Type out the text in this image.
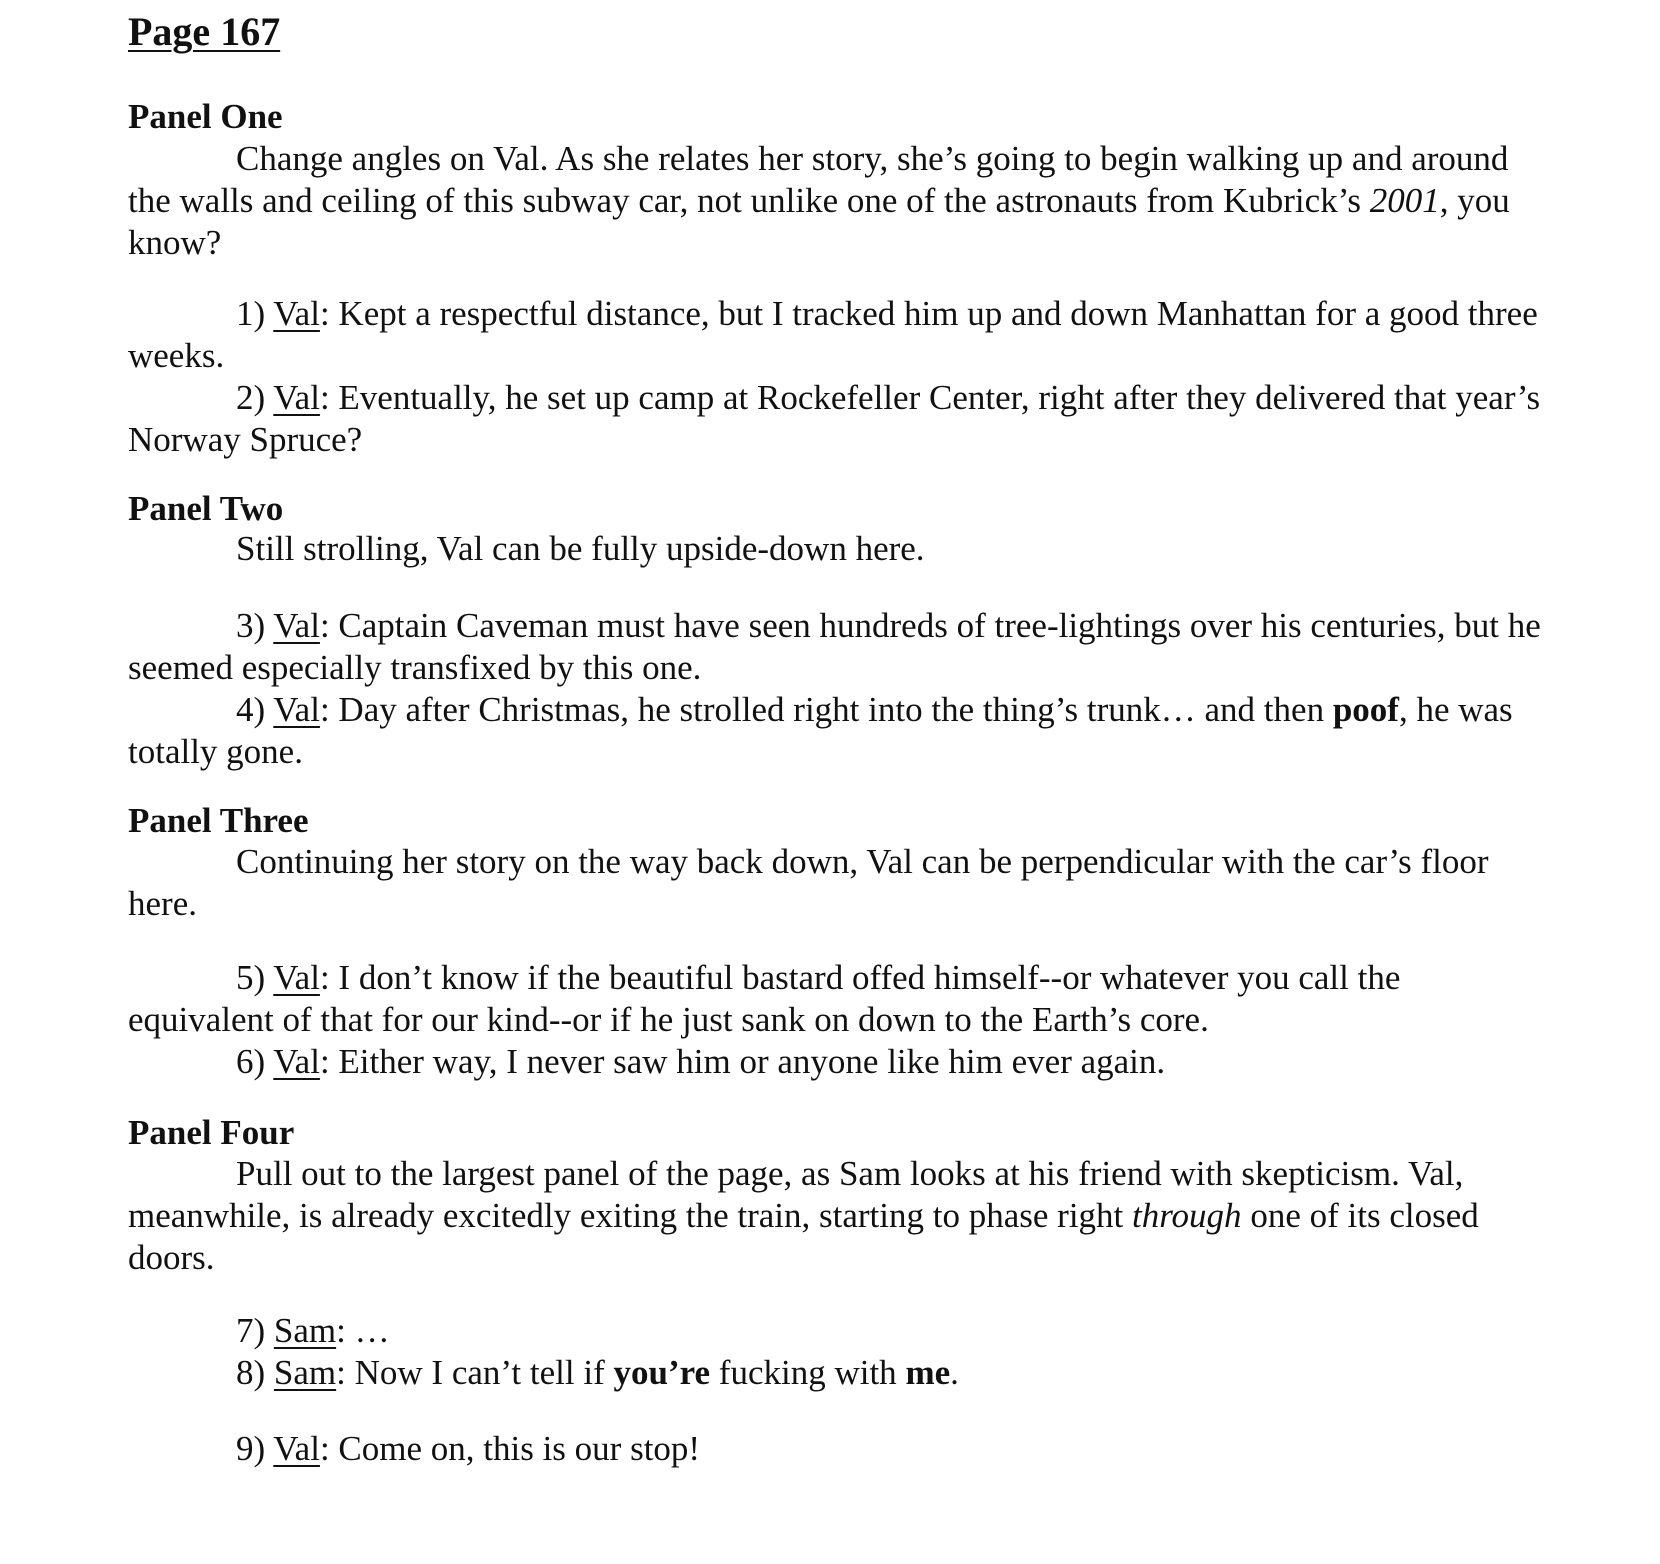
Page 167
Panel One

Change angles on Val. As she relates her story, she’s going to begin walking up and around the walls and ceiling of this subway car, not unlike one of the astronauts from Kubrick’s 2001, you know?

1) Val: Kept a respectful distance, but I tracked him up and down Manhattan for a good three weeks.

2) Val: Eventually, he set up camp at Rockefeller Center, right after they delivered that year’s Norway Spruce?

Panel Two

Still strolling, Val can be fully upside-down here.

3) Val: Captain Caveman must have seen hundreds of tree-lightings over his centuries, but he seemed especially transfixed by this one.

4) Val: Day after Christmas, he strolled right into the thing’s trunk… and then poof, he was totally gone.

Panel Three

Continuing her story on the way back down, Val can be perpendicular with the car’s floor here.

5) Val: I don’t know if the beautiful bastard offed himself--or whatever you call the equivalent of that for our kind--or if he just sank on down to the Earth’s core.

6) Val: Either way, I never saw him or anyone like him ever again.

Panel Four

Pull out to the largest panel of the page, as Sam looks at his friend with skepticism. Val, meanwhile, is already excitedly exiting the train, starting to phase right through one of its closed doors.

7) Sam: …

8) Sam: Now I can’t tell if you’re fucking with me.

9) Val: Come on, this is our stop!
